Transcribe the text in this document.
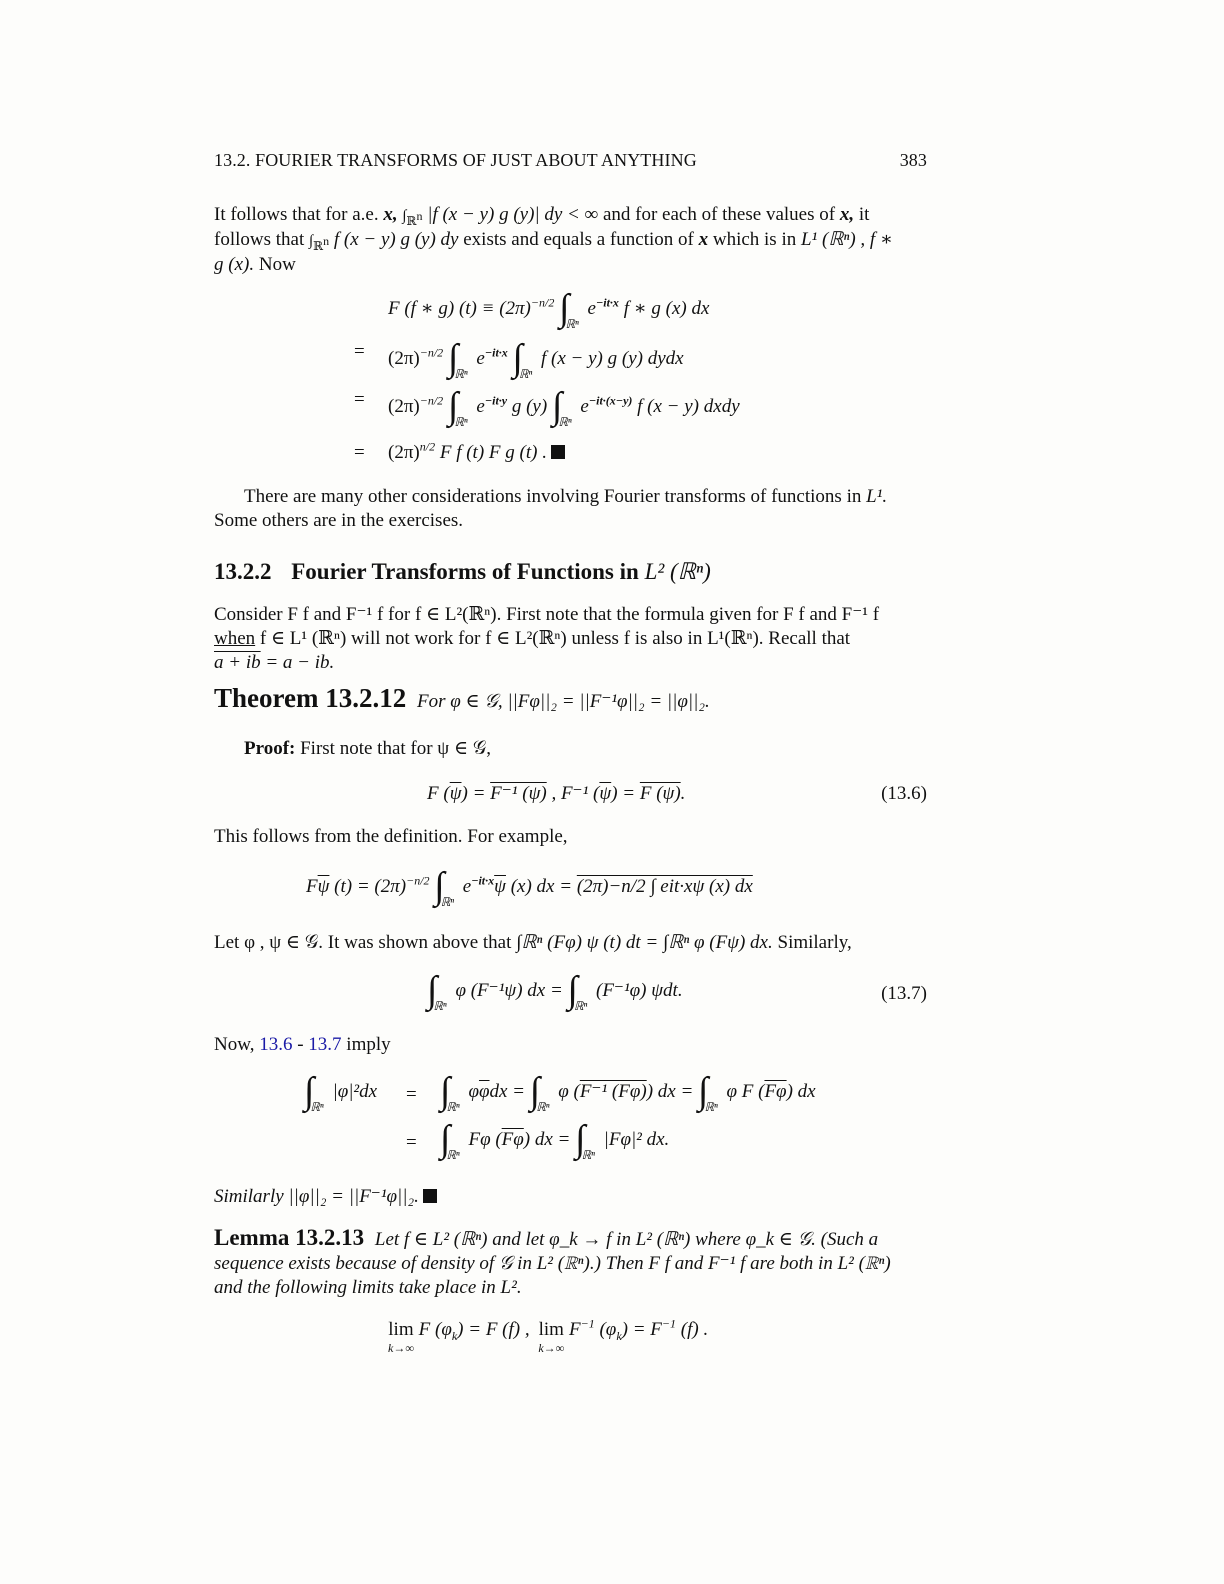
13.2. FOURIER TRANSFORMS OF JUST ABOUT ANYTHING	383
It follows that for a.e. x, $\int_{ℝ^n}$ |f (x − y) g (y)| dy < ∞ and for each of these values of x, it
follows that $\int_{ℝ^n}$ f (x − y) g (y) dy exists and equals a function of x which is in L¹ (ℝⁿ) , f ∗
g (x). Now
F (f ∗ g) $(t) \equiv (2\pi)^{-n/2}$ $\int_{ℝ^n}$ $e^{-it\cdot x}$ f ∗ g (x) dx
= $(2\pi)^{-n/2}$ $\int_{ℝ^n}$ $e^{-it\cdot x}$ $\int_{ℝ^n}$ f (x − y) g (y) dydx
= $(2\pi)^{-n/2}$ $\int_{ℝ^n}$ $e^{-it\cdot y}$ g (y) $\int_{ℝ^n}$ $e^{-it\cdot(x-y)}$ f (x − y) dxdy
= $(2\pi)^{n/2}$ F f (t) F g (t) .
There are many other considerations involving Fourier transforms of functions in L¹.
Some others are in the exercises.
13.2.2 Fourier Transforms of Functions in L² (ℝⁿ)
Consider F f and F⁻¹ f for f ∈ L²(ℝⁿ). First note that the formula given for F f and F⁻¹ f
when f ∈ L¹ (ℝⁿ) will not work for f ∈ L²(ℝⁿ) unless f is also in L¹(ℝⁿ). Recall that
a + ib = a − ib.
Theorem 13.2.12 For φ ∈ 𝒢, ||Fφ||₂ = ||F⁻¹φ||₂ = ||φ||₂.
Proof: First note that for ψ ∈ 𝒢,
F $(\overline{\psi}) = F^{-1}$ (ψ) , F⁻¹ $(\overline{\psi}) = F$ (ψ).	(13.6)
This follows from the definition. For example,
$F\overline{\psi}$ $(t) = (2\pi)^{-n/2}$ $\int_{ℝ^n}$ $e^{-it\cdot x}\overline{\psi}$ (x) dx = (2π)−n/2 ∫ eit·xψ (x) dx
Let φ , ψ ∈ 𝒢. It was shown above that ∫ℝⁿ (Fφ) ψ (t) dt = ∫ℝⁿ φ (Fψ) dx. Similarly,
$\int_{ℝ^n}$ φ (F⁻¹ψ) dx = $\int_{ℝ^n}$ (F⁻¹φ) ψdt.	(13.7)
Now, 13.6 - 13.7 imply
$\int_{ℝ^n}$ $|\varphi|^2dx = \int_{ℝ^n}$ $\varphi\overline{\varphi}dx = \int_{ℝ^n}$ φ (F⁻¹ (Fφ)) dx = $\int_{ℝ^n}$ φ F $(\overline{F\varphi})$ dx
= $\int_{ℝ^n}$ Fφ $(\overline{F\varphi})$ dx = $\int_{ℝ^n}$ |Fφ|² dx.
Similarly ||φ||₂ = ||F⁻¹φ||₂.
Lemma 13.2.13 Let f ∈ L² (ℝⁿ) and let φ_k → f in L² (ℝⁿ) where φ_k ∈ 𝒢. (Such a
sequence exists because of density of 𝒢 in L² (ℝⁿ).) Then F f and F⁻¹ f are both in L² (ℝⁿ)
and the following limits take place in L².
lim

k→∞
F $(\varphi_k) = F$ (f) , lim

k→∞
$F^{-1}$ $(\varphi_k) = F^{-1}$ (f) .
